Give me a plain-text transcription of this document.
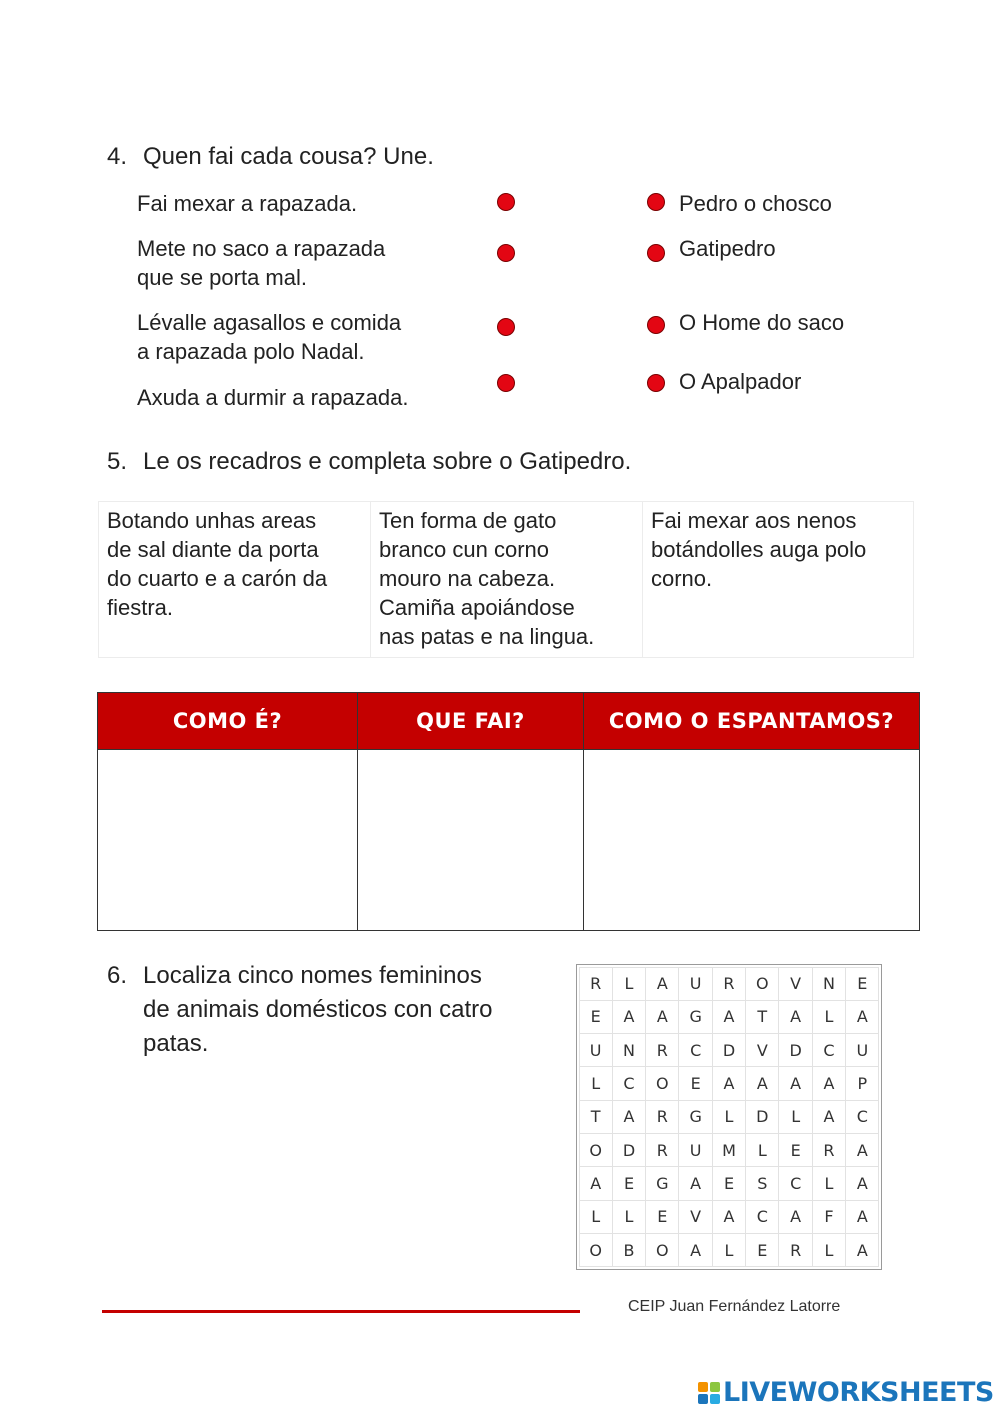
4. Quen fai cada cousa? Une.
Fai mexar a rapazada.
Mete no saco a rapazada
que se porta mal.
Lévalle agasallos e comida
a rapazada polo Nadal.
Axuda a durmir a rapazada.
Pedro o chosco
Gatipedro
O Home do saco
O Apalpador
5. Le os recadros e completa sobre o Gatipedro.
Botando unhas areas
de sal diante da porta
do cuarto e a carón da
fiestra.
Ten forma de gato
branco cun corno
mouro na cabeza.
Camiña apoiándose
nas patas e na lingua.
Fai mexar aos nenos
botándolles auga polo
corno.
COMO É?	QUE FAI?	COMO O ESPANTAMOS?

6. Localiza cinco nomes femininos
de animais domésticos con catro
patas.
R	L	A	U	R	O	V	N	E
E	A	A	G	A	T	A	L	A
U	N	R	C	D	V	D	C	U
L	C	O	E	A	A	A	A	P
T	A	R	G	L	D	L	A	C
O	D	R	U	M	L	E	R	A
A	E	G	A	E	S	C	L	A
L	L	E	V	A	C	A	F	A
O	B	O	A	L	E	R	L	A
CEIP Juan Fernández Latorre
LIVEWORKSHEETS
